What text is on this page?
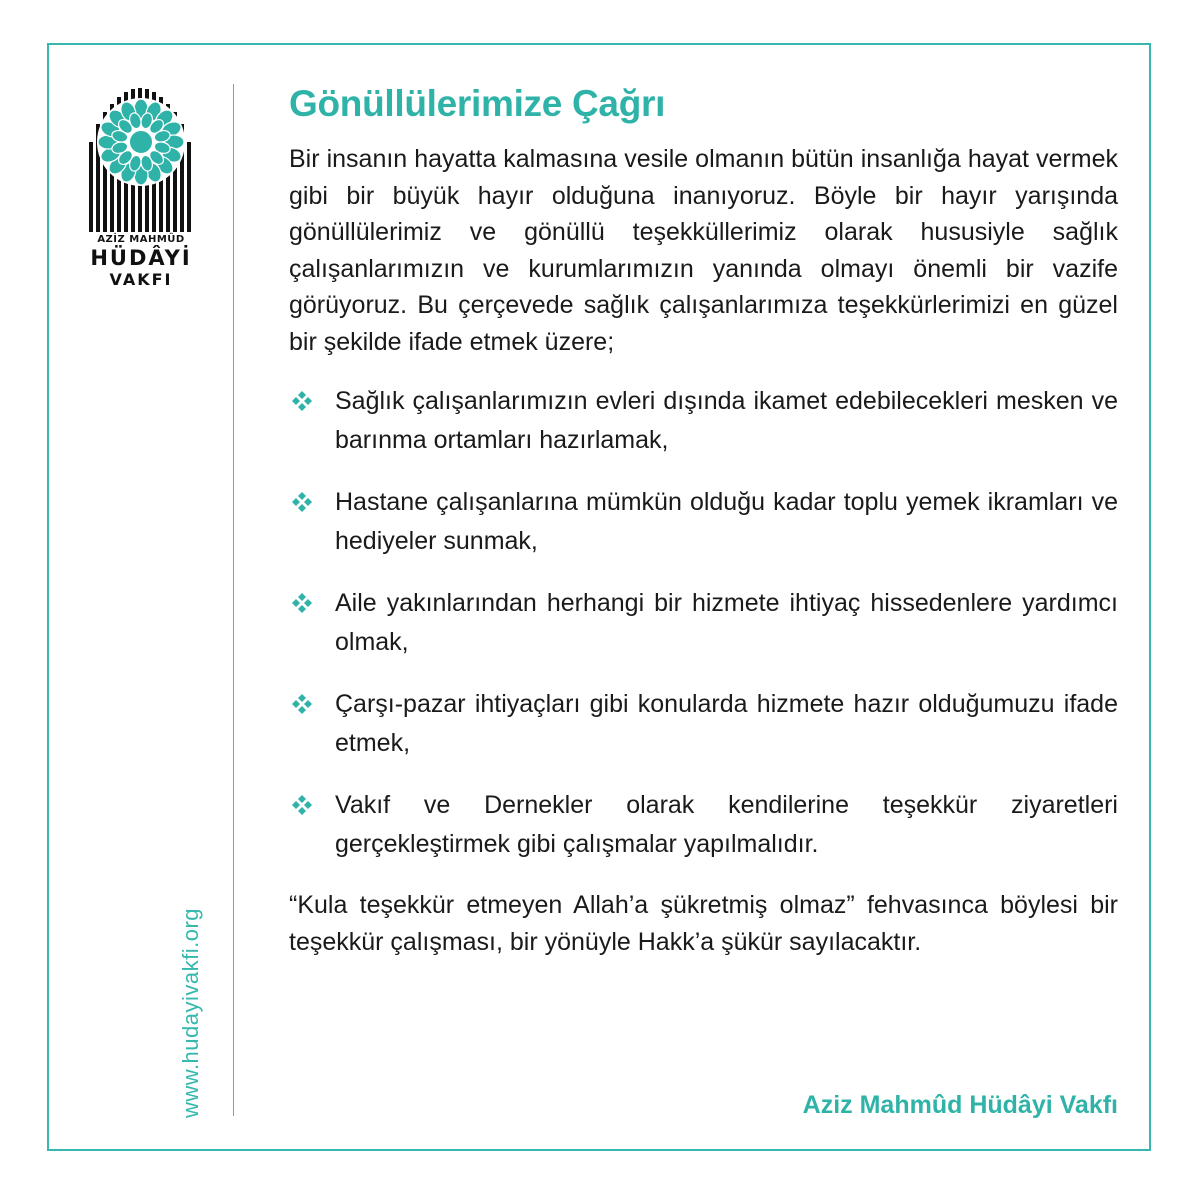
AZİZ MAHMÛD
HÜDÂYİ
VAKFI
www.hudayivakfi.org
Gönüllülerimize Çağrı

Bir insanın hayatta kalmasına vesile olmanın bütün insanlığa hayat vermek gibi bir büyük hayır olduğuna inanıyoruz. Böyle bir hayır yarışında gönüllülerimiz ve gönüllü teşekküllerimiz olarak hususiyle sağlık çalışanlarımızın ve kurumlarımızın yanında olmayı önemli bir vazife görüyoruz. Bu çerçevede sağlık çalışanlarımıza teşekkürlerimizi en güzel bir şekilde ifade etmek üzere;

Sağlık çalışanlarımızın evleri dışında ikamet edebilecekleri mesken ve barınma ortamları hazırlamak,
Hastane çalışanlarına mümkün olduğu kadar toplu yemek ikramları ve hediyeler sunmak,
Aile yakınlarından herhangi bir hizmete ihtiyaç hissedenlere yardımcı olmak,
Çarşı-pazar ihtiyaçları gibi konularda hizmete hazır olduğumuzu ifade etmek,
Vakıf ve Dernekler olarak kendilerine teşekkür ziyaretleri gerçekleştirmek gibi çalışmalar yapılmalıdır.

“Kula teşekkür etmeyen Allah’a şükretmiş olmaz” fehvasınca böylesi bir teşekkür çalışması, bir yönüyle Hakk’a şükür sayılacaktır.

Aziz Mahmûd Hüdâyi Vakfı
